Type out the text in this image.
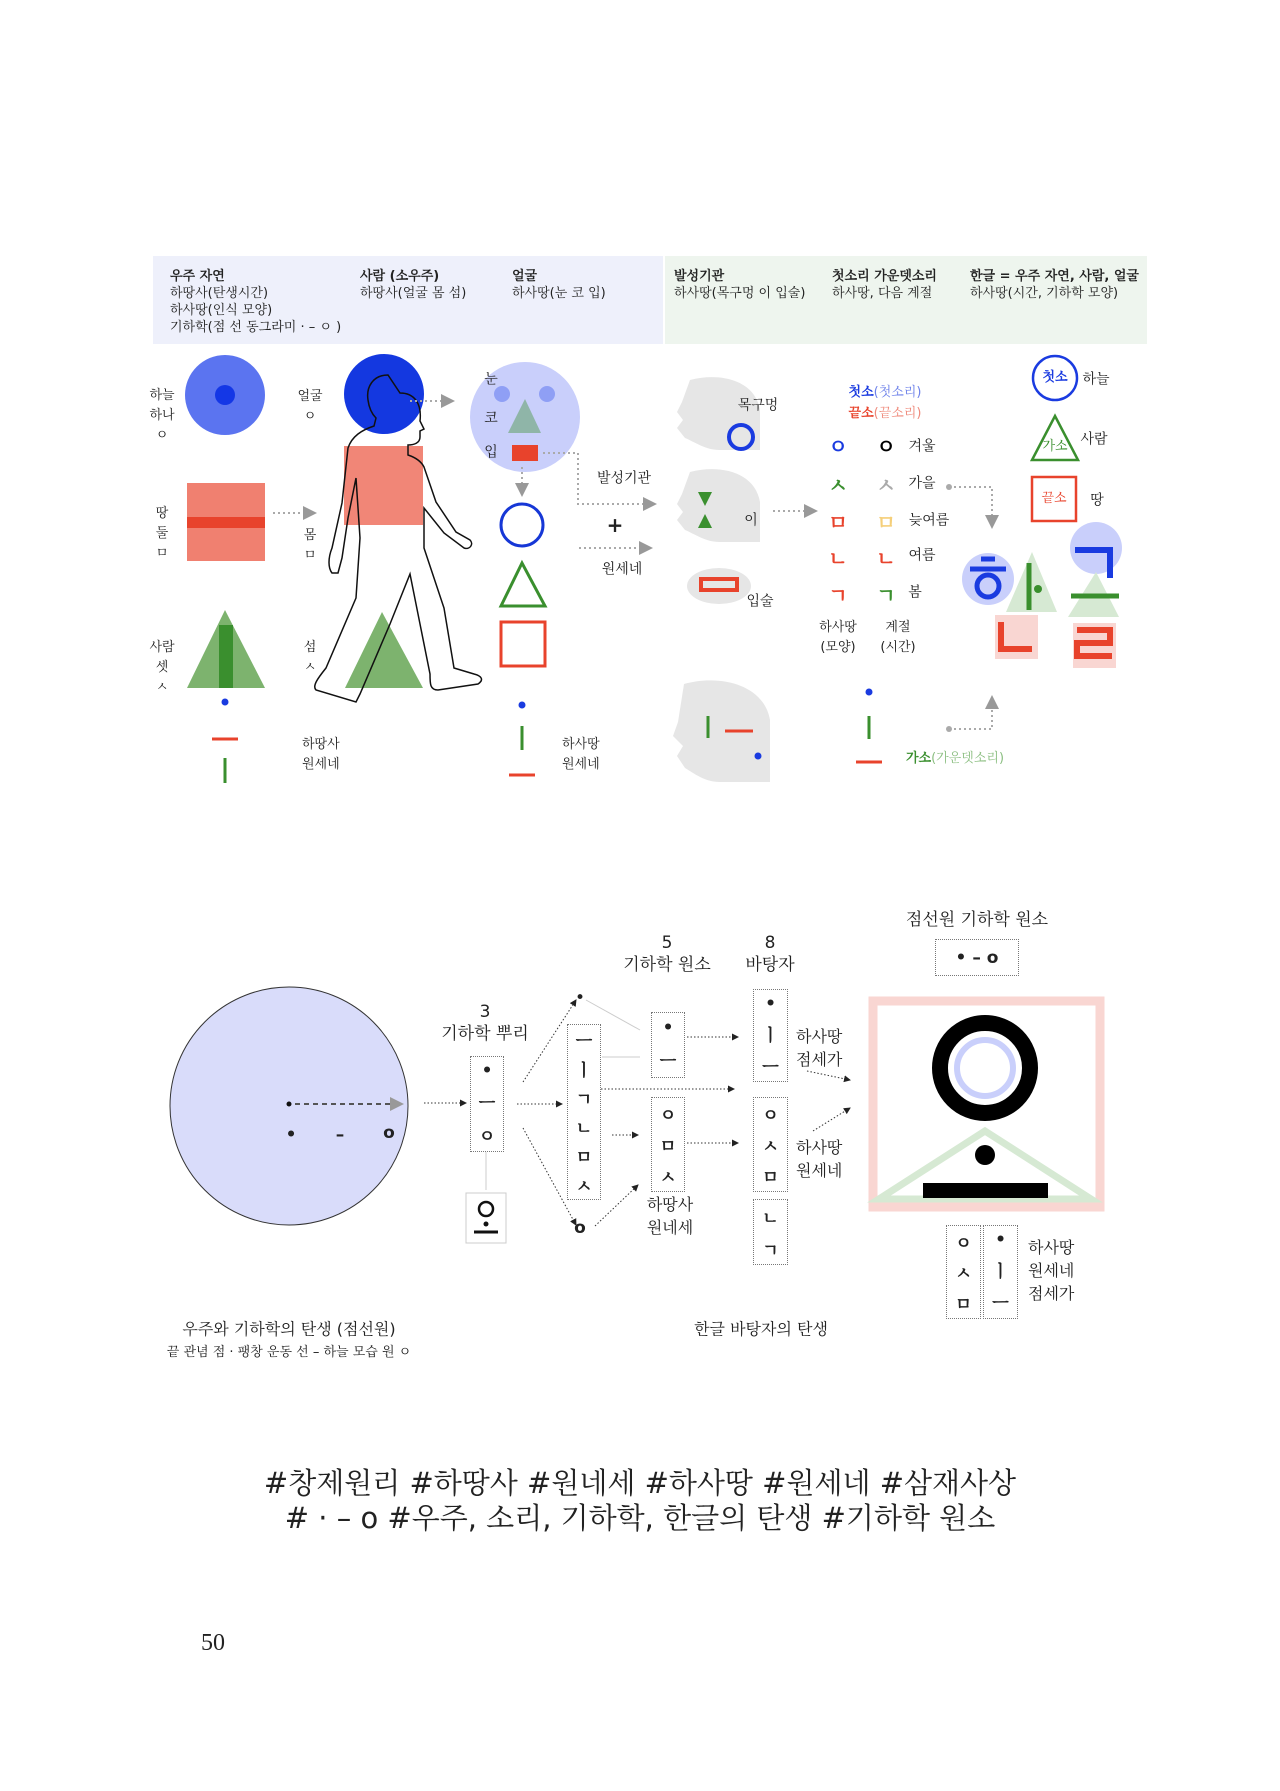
우주 자연
하땅사(탄생시간)
하사땅(인식 모양)
기하학(점 선 동그라미 · – ㅇ )
사람 (소우주)
하땅사(얼굴 몸 섬)
얼굴
하사땅(눈 코 입)
발성기관
하사땅(목구멍 이 입술)
첫소리 가운뎃소리
하사땅, 다음 계절
한글 = 우주 자연, 사람, 얼굴
하사땅(시간, 기하학 모양)
하늘
하나
ㅇ
땅
둘
ㅁ
사람
셋
ㅅ
하땅사
원세네
얼굴
ㅇ
몸
ㅁ
섬
ㅅ
눈
코
입
발성기관
+
원세네
하사땅
원세네
목구멍
이
입술
첫소(첫소리)
끝소(끝소리)
ㅇ ㅇ 겨울
ㅅ ㅅ 가을
ㅁ ㅁ 늦여름
ㄴ ㄴ 여름
ㄱ ㄱ 봄
하사땅
(모양)
계절
(시간)
가소(가운뎃소리)
첫소 하늘
가소 사람
끝소 땅
• – o
우주와 기하학의 탄생 (점선원)
끝 관념 점 · 팽창 운동 선 – 하늘 모습 원 ㅇ
3
기하학 뿌리
•
ㅡ
ㅇ
•
o
ㅡ
ㅣ
ㄱ
ㄴ
ㅁ
ㅅ
5
기하학 원소
•
ㅡ
ㅇ
ㅁ
ㅅ
하땅사
원네세
8
바탕자
•
ㅣ
ㅡ
ㅇ
ㅅ
ㅁ
ㄴ
ㄱ
하사땅
점세가
하사땅
원세네
점선원 기하학 원소
• – o
ㅇ
ㅅ
ㅁ
•
ㅣ
ㅡ
하사땅
원세네
점세가
한글 바탕자의 탄생
#창제원리 #하땅사 #원네세 #하사땅 #원세네 #삼재사상
# · – o #우주, 소리, 기하학, 한글의 탄생 #기하학 원소
50
